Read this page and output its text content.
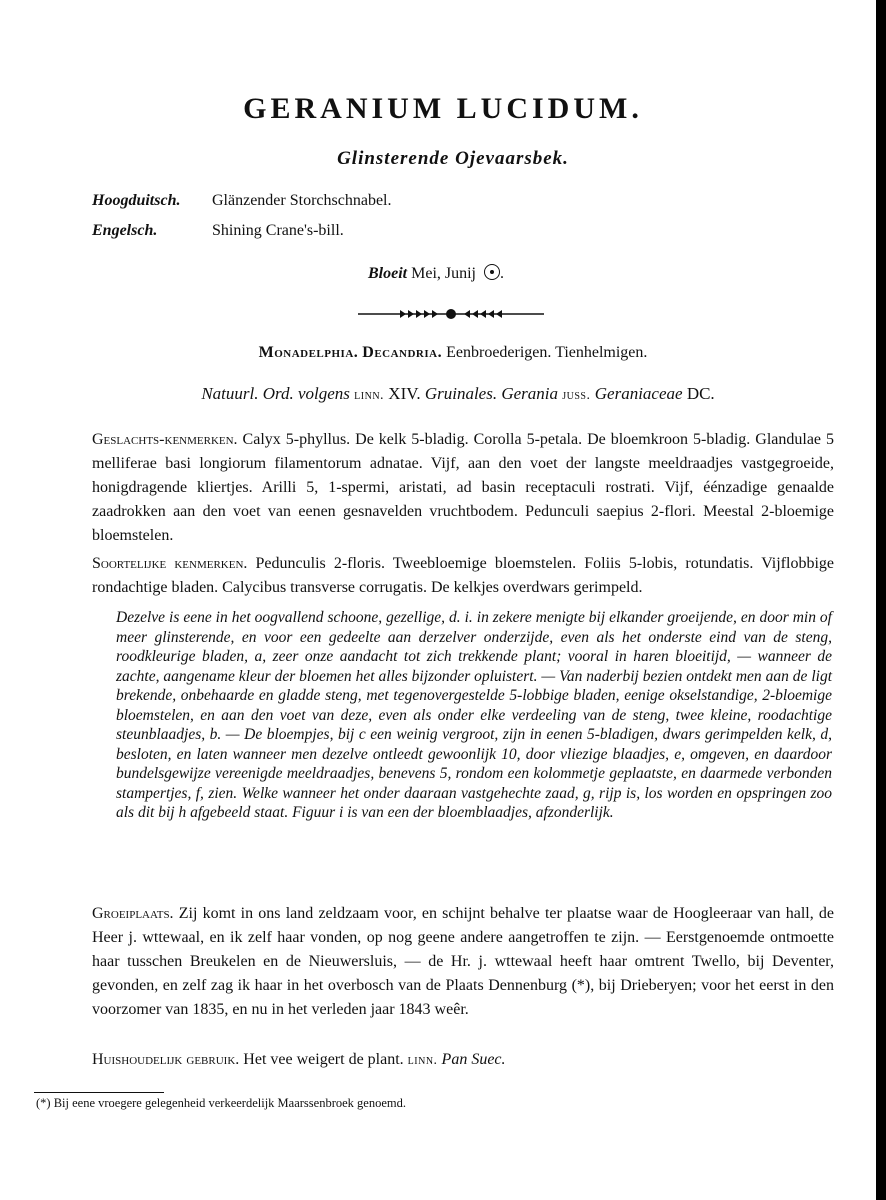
GERANIUM LUCIDUM.
Glinsterende Ojevaarsbek.
Hoogduitsch. Glänzender Storchschnabel.
Engelsch.	Shining Crane's-bill.
Bloeit Mei, Junij .
Monadelphia. Decandria. Eenbroederigen. Tienhelmigen.
Natuurl. Ord. volgens linn. XIV. Gruinales. Gerania juss. Geraniaceae DC.
Geslachts-kenmerken. Calyx 5-phyllus. De kelk 5-bladig. Corolla 5-petala. De bloemkroon 5-bladig. Glandulae 5 melliferae basi longiorum filamentorum adnatae. Vijf, aan den voet der langste meeldraadjes vastgegroeide, honigdragende kliertjes. Arilli 5, 1-spermi, aristati, ad basin receptaculi rostrati. Vijf, éénzadige genaalde zaadrokken aan den voet van eenen gesnavelden vruchtbodem. Pedunculi saepius 2-flori. Meestal 2-bloemige bloemstelen.
Soortelijke kenmerken. Pedunculis 2-floris. Tweebloemige bloemstelen. Foliis 5-lobis, rotundatis. Vijflobbige rondachtige bladen. Calycibus transverse corrugatis. De kelkjes overdwars gerimpeld.
Dezelve is eene in het oogvallend schoone, gezellige, d. i. in zekere menigte bij elkander groeijende, en door min of meer glinsterende, en voor een gedeelte aan derzelver onderzijde, even als het onderste eind van de steng, roodkleurige bladen, a, zeer onze aandacht tot zich trekkende plant; vooral in haren bloeitijd, — wanneer de zachte, aangename kleur der bloemen het alles bijzonder opluistert. — Van naderbij bezien ontdekt men aan de ligt brekende, onbehaarde en gladde steng, met tegenovergestelde 5-lobbige bladen, eenige okselstandige, 2-bloemige bloemstelen, en aan den voet van deze, even als onder elke verdeeling van de steng, twee kleine, roodachtige steunblaadjes, b. — De bloempjes, bij c een weinig vergroot, zijn in eenen 5-bladigen, dwars gerimpelden kelk, d, besloten, en laten wanneer men dezelve ontleedt gewoonlijk 10, door vliezige blaadjes, e, omgeven, en daardoor bundelsgewijze vereenigde meeldraadjes, benevens 5, rondom een kolommetje geplaatste, en daarmede verbonden stampertjes, f, zien. Welke wanneer het onder daaraan vastgehechte zaad, g, rijp is, los worden en opspringen zoo als dit bij h afgebeeld staat. Figuur i is van een der bloemblaadjes, afzonderlijk.
Groeiplaats. Zij komt in ons land zeldzaam voor, en schijnt behalve ter plaatse waar de Hoogleeraar van hall, de Heer j. wttewaal, en ik zelf haar vonden, op nog geene andere aangetroffen te zijn. — Eerstgenoemde ontmoette haar tusschen Breukelen en de Nieuwersluis, — de Hr. j. wttewaal heeft haar omtrent Twello, bij Deventer, gevonden, en zelf zag ik haar in het overbosch van de Plaats Dennenburg (*), bij Drieberyen; voor het eerst in den voorzomer van 1835, en nu in het verleden jaar 1843 weêr.
Huishoudelijk gebruik. Het vee weigert de plant. linn. Pan Suec.
(*) Bij eene vroegere gelegenheid verkeerdelijk Maarssenbroek genoemd.
